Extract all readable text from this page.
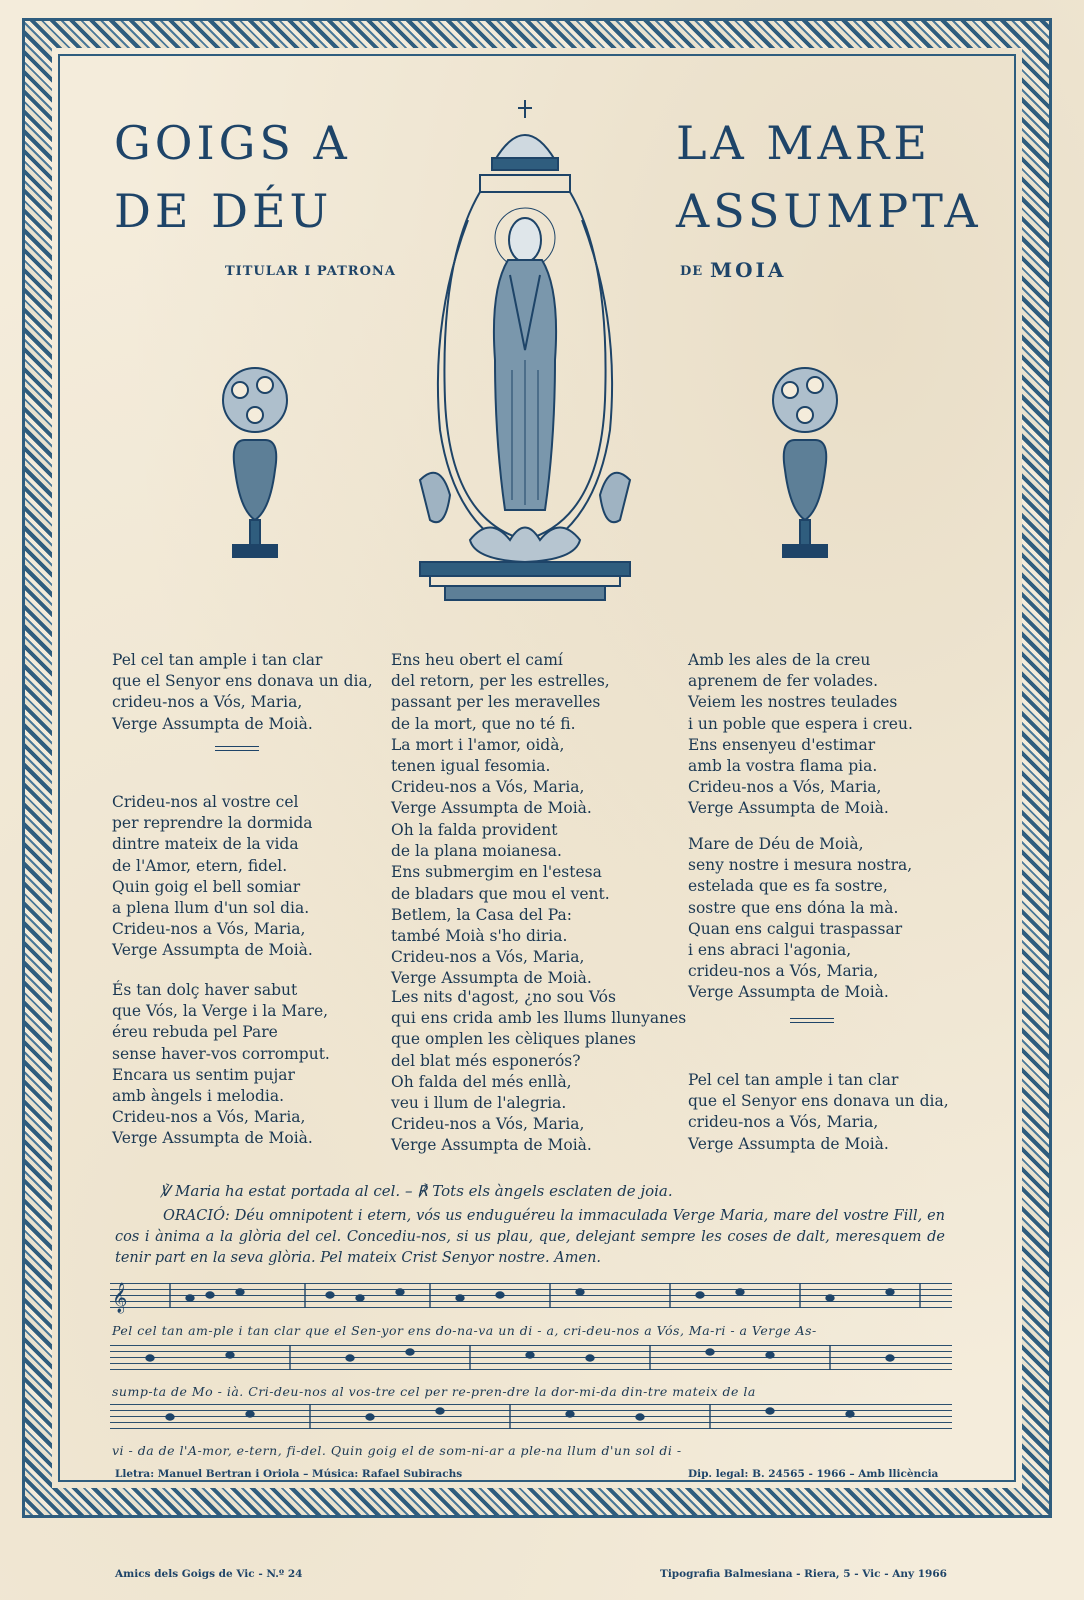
GOIGS A
DE DÉU
LA MARE
ASSUMPTA
TITULAR I PATRONA	DE MOIA
Pel cel tan ample i tan clar
que el Senyor ens donava un dia,
crideu-nos a Vós, Maria,
Verge Assumpta de Moià.
Crideu-nos al vostre cel
per reprendre la dormida
dintre mateix de la vida
de l'Amor, etern, fidel.
Quin goig el bell somiar
a plena llum d'un sol dia.
Crideu-nos a Vós, Maria,
Verge Assumpta de Moià.
És tan dolç haver sabut
que Vós, la Verge i la Mare,
éreu rebuda pel Pare
sense haver-vos corromput.
Encara us sentim pujar
amb àngels i melodia.
Crideu-nos a Vós, Maria,
Verge Assumpta de Moià.
Ens heu obert el camí
del retorn, per les estrelles,
passant per les meravelles
de la mort, que no té fi.
La mort i l'amor, oidà,
tenen igual fesomia.
Crideu-nos a Vós, Maria,
Verge Assumpta de Moià.
Oh la falda provident
de la plana moianesa.
Ens submergim en l'estesa
de bladars que mou el vent.
Betlem, la Casa del Pa:
també Moià s'ho diria.
Crideu-nos a Vós, Maria,
Verge Assumpta de Moià.
Les nits d'agost, ¿no sou Vós
qui ens crida amb les llums llunyanes
que omplen les cèliques planes
del blat més esponerós?
Oh falda del més enllà,
veu i llum de l'alegria.
Crideu-nos a Vós, Maria,
Verge Assumpta de Moià.
Amb les ales de la creu
aprenem de fer volades.
Veiem les nostres teulades
i un poble que espera i creu.
Ens ensenyeu d'estimar
amb la vostra flama pia.
Crideu-nos a Vós, Maria,
Verge Assumpta de Moià.
Mare de Déu de Moià,
seny nostre i mesura nostra,
estelada que es fa sostre,
sostre que ens dóna la mà.
Quan ens calgui traspassar
i ens abraci l'agonia,
crideu-nos a Vós, Maria,
Verge Assumpta de Moià.
Pel cel tan ample i tan clar
que el Senyor ens donava un dia,
crideu-nos a Vós, Maria,
Verge Assumpta de Moià.
℣ Maria ha estat portada al cel. – ℟ Tots els àngels esclaten de joia.
ORACIÓ: Déu omnipotent i etern, vós us enduguéreu la immaculada Verge Maria, mare del vostre Fill, en cos i ànima a la glòria del cel. Concediu-nos, si us plau, que, delejant sempre les coses de dalt, meresquem de tenir part en la seva glòria. Pel mateix Crist Senyor nostre. Amen.
Pel cel tan am-ple i tan clar que el Sen-yor ens do-na-va un di - a, cri-deu-nos a Vós, Ma-ri - a Verge As-
sump-ta de Mo - ià. Cri-deu-nos al vos-tre cel per re-pren-dre la dor-mi-da din-tre mateix de la
vi - da de l'A-mor, e-tern, fi-del. Quin goig el de som-ni-ar a ple-na llum d'un sol di -
𝄞
Lletra: Manuel Bertran i Oriola – Música: Rafael Subirachs	Dip. legal: B. 24565 - 1966 – Amb llicència
Amics dels Goigs de Vic - N.º 24	Tipografia Balmesiana - Riera, 5 - Vic - Any 1966
